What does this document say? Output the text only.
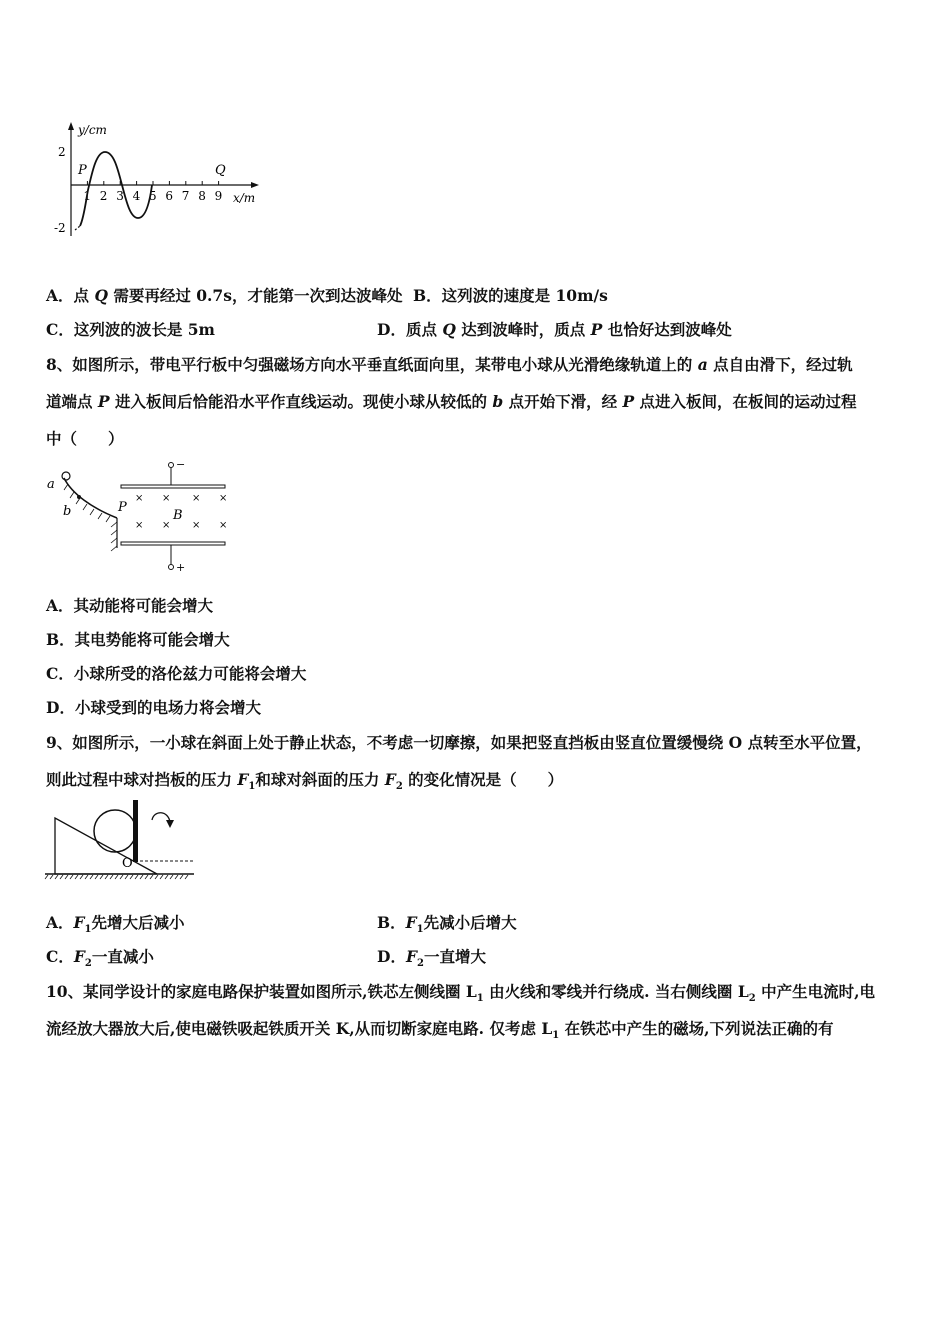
y/cm
x/m
2
-2
1 2 3 4 5 6 7 8 9
P	Q
A．点 Q 需要再经过 0.7s，才能第一次到达波峰处 B．这列波的速度是 10m/s
C．这列波的波长是 5m	D．质点 Q 达到波峰时，质点 P 也恰好达到波峰处
8、如图所示，带电平行板中匀强磁场方向水平垂直纸面向里，某带电小球从光滑绝缘轨道上的 a 点自由滑下，经过轨
道端点 P 进入板间后恰能沿水平作直线运动。现使小球从较低的 b 点开始下滑，经 P 点进入板间，在板间的运动过程
中（　　）
a
b	P
−
+
× × × ×
× × × ×
B
A．其动能将可能会增大
B．其电势能将可能会增大
C．小球所受的洛伦兹力可能将会增大
D．小球受到的电场力将会增大
9、如图所示，一小球在斜面上处于静止状态，不考虑一切摩擦，如果把竖直挡板由竖直位置缓慢绕 O 点转至水平位置，
则此过程中球对挡板的压力 $F_1$和球对斜面的压力 $F_2$ 的变化情况是（　　）
O
A．$F_1$先增大后减小	B．$F_1$先减小后增大
C．$F_2$一直减小	D．$F_2$一直增大
10、某同学设计的家庭电路保护装置如图所示,铁芯左侧线圈 $L_1$ 由火线和零线并行绕成. 当右侧线圈 $L_2$ 中产生电流时,电
流经放大器放大后,使电磁铁吸起铁质开关 K,从而切断家庭电路. 仅考虑 $L_1$ 在铁芯中产生的磁场,下列说法正确的有
